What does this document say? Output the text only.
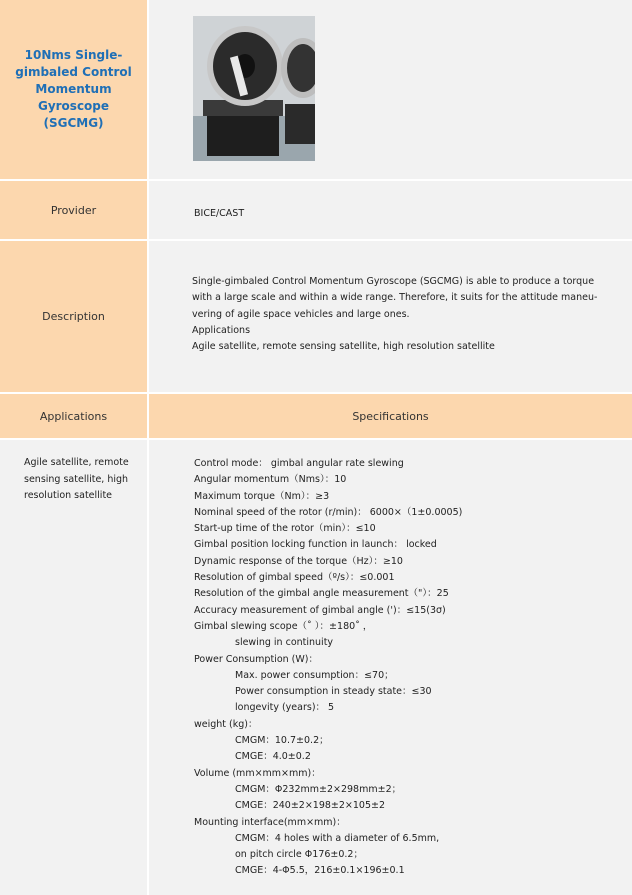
10Nms Single-gimbaled Control Momentum Gyroscope (SGCMG)
Provider	BICE/CAST
Description
Single-gimbaled Control Momentum Gyroscope (SGCMG) is able to produce a torque
with a large scale and within a wide range. Therefore, it suits for the attitude maneu-
vering of agile space vehicles and large ones.
Applications
Agile satellite, remote sensing satellite, high resolution satellite
Applications	Specifications
Agile satellite, remote
sensing satellite, high
resolution satellite
Control mode： gimbal angular rate slewing
Angular momentum（Nms）：10
Maximum torque（Nm）：≥3
Nominal speed of the rotor (r/min)： 6000×（1±0.0005)
Start-up time of the rotor（min）：≤10
Gimbal position locking function in launch： locked
Dynamic response of the torque（Hz）：≥10
Resolution of gimbal speed（º/s）：≤0.001
Resolution of the gimbal angle measurement（"）：25
Accuracy measurement of gimbal angle (')：≤15(3σ)
Gimbal slewing scope（˚ ）：±180˚ ，
slewing in continuity
Power Consumption (W)：
Max. power consumption：≤70；
Power consumption in steady state：≤30
longevity (years)： 5
weight (kg)：
CMGM：10.7±0.2；
CMGE：4.0±0.2
Volume (mm×mm×mm)：
CMGM：Φ232mm±2×298mm±2；
CMGE：240±2×198±2×105±2
Mounting interface(mm×mm)：
CMGM：4 holes with a diameter of 6.5mm,
on pitch circle Φ176±0.2；
CMGE：4-Φ5.5，216±0.1×196±0.1
